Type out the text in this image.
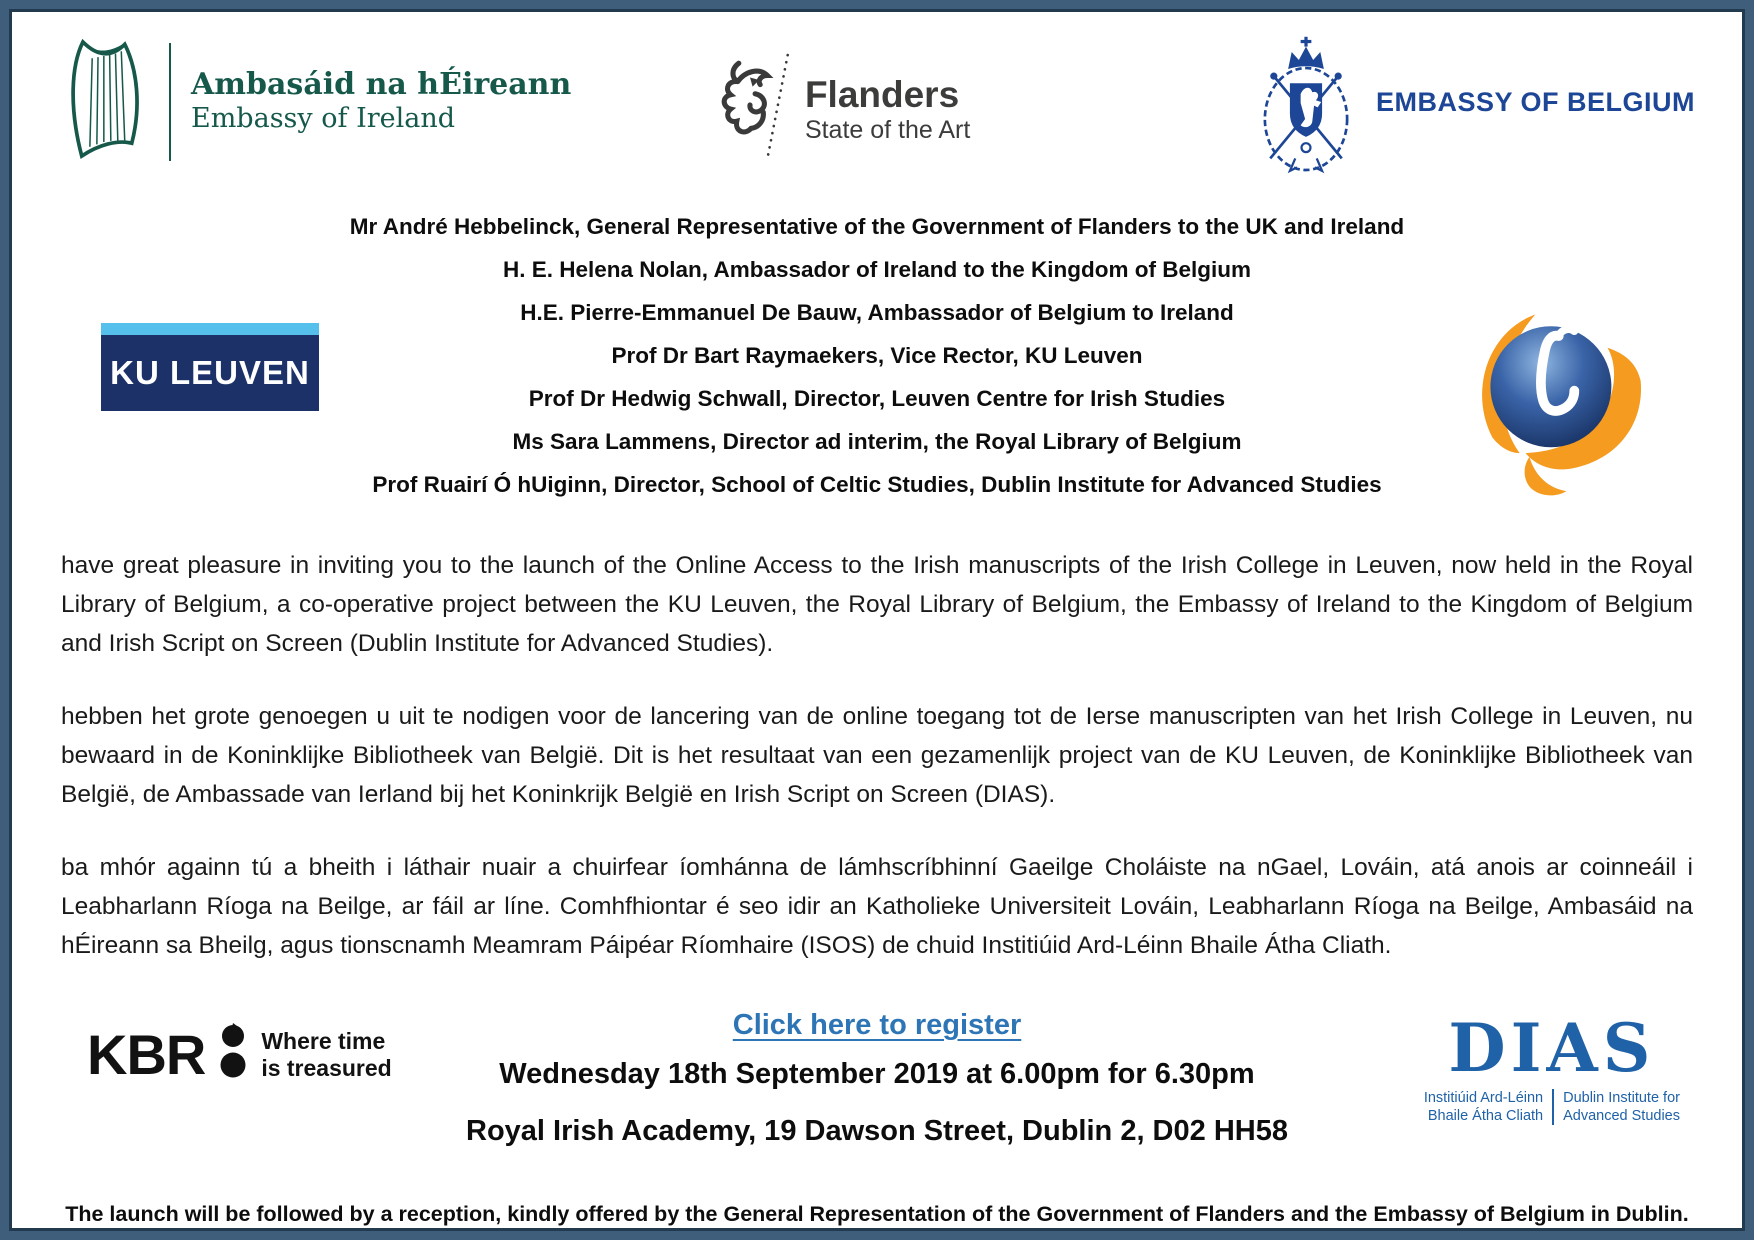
Ambasáid na hÉireann
Embassy of Ireland
Flanders
State of the Art
EMBASSY OF BELGIUM
Mr André Hebbelinck, General Representative of the Government of Flanders to the UK and Ireland
H. E. Helena Nolan, Ambassador of Ireland to the Kingdom of Belgium
H.E. Pierre-Emmanuel De Bauw, Ambassador of Belgium to Ireland
Prof Dr Bart Raymaekers, Vice Rector, KU Leuven
Prof Dr Hedwig Schwall, Director, Leuven Centre for Irish Studies
Ms Sara Lammens, Director ad interim, the Royal Library of Belgium
Prof Ruairí Ó hUiginn, Director, School of Celtic Studies, Dublin Institute for Advanced Studies
KU LEUVEN

have great pleasure in inviting you to the launch of the Online Access to the Irish manuscripts of the Irish College in Leuven, now held in the Royal Library of Belgium, a co-operative project between the KU Leuven, the Royal Library of Belgium, the Embassy of Ireland to the Kingdom of Belgium and Irish Script on Screen (Dublin Institute for Advanced Studies).

hebben het grote genoegen u uit te nodigen voor de lancering van de online toegang tot de Ierse manuscripten van het Irish College in Leuven, nu bewaard in de Koninklijke Bibliotheek van België. Dit is het resultaat van een gezamenlijk project van de KU Leuven, de Koninklijke Bibliotheek van België, de Ambassade van Ierland bij het Koninkrijk België en Irish Script on Screen (DIAS).

ba mhór againn tú a bheith i láthair nuair a chuirfear íomhánna de lámhscríbhinní Gaeilge Choláiste na nGael, Lováin, atá anois ar coinneáil i Leabharlann Ríoga na Beilge, ar fáil ar líne. Comhfhiontar é seo idir an Katholieke Universiteit Lováin, Leabharlann Ríoga na Beilge, Ambasáid na hÉireann sa Bheilg, agus tionscnamh Meamram Páipéar Ríomhaire (ISOS) de chuid Institiúid Ard-Léinn Bhaile Átha Cliath.

KBR Where time
is treasured
Click here to register
Wednesday 18th September 2019 at 6.00pm for 6.30pm
Royal Irish Academy, 19 Dawson Street, Dublin 2, D02 HH58
DIAS
Institiúid Ard-Léinn
Bhaile Átha Cliath
Dublin Institute for
Advanced Studies
The launch will be followed by a reception, kindly offered by the General Representation of the Government of Flanders and the Embassy of Belgium in Dublin.
